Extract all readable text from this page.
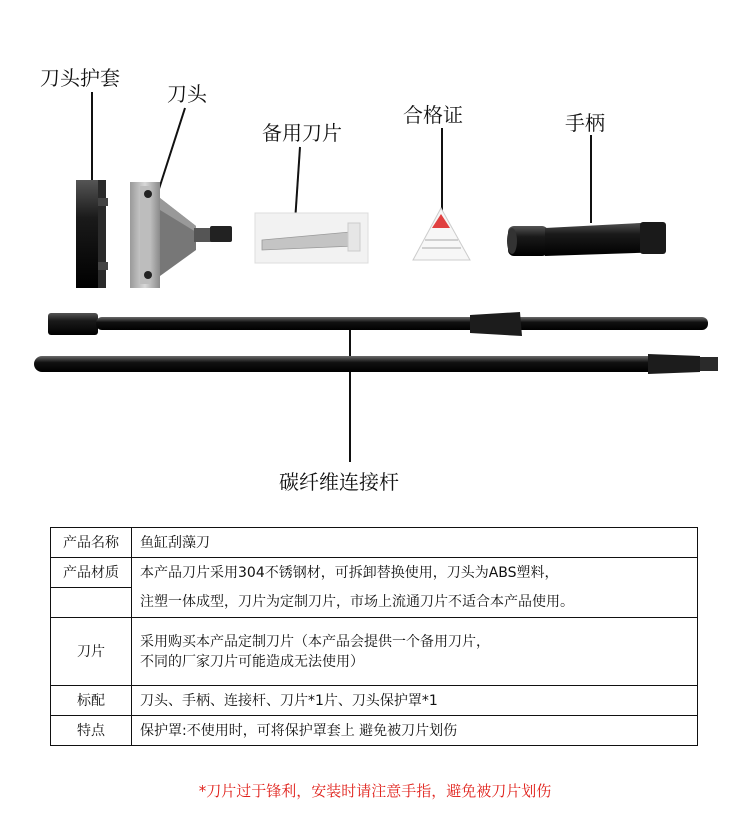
刀头护套
刀头
备用刀片
合格证	手柄
碳纤维连接杆
产品名称	鱼缸刮藻刀
产品材质	本产品刀片采用304不锈钢材，可拆卸替换使用，刀头为ABS塑料，
	注塑一体成型，刀片为定制刀片，市场上流通刀片不适合本产品使用。
刀片	采用购买本产品定制刀片（本产品会提供一个备用刀片，
不同的厂家刀片可能造成无法使用）

标配	刀头、手柄、连接杆、刀片*1片、刀头保护罩*1
特点	保护罩:不使用时，可将保护罩套上 避免被刀片划伤
*刀片过于锋利，安装时请注意手指，避免被刀片划伤
